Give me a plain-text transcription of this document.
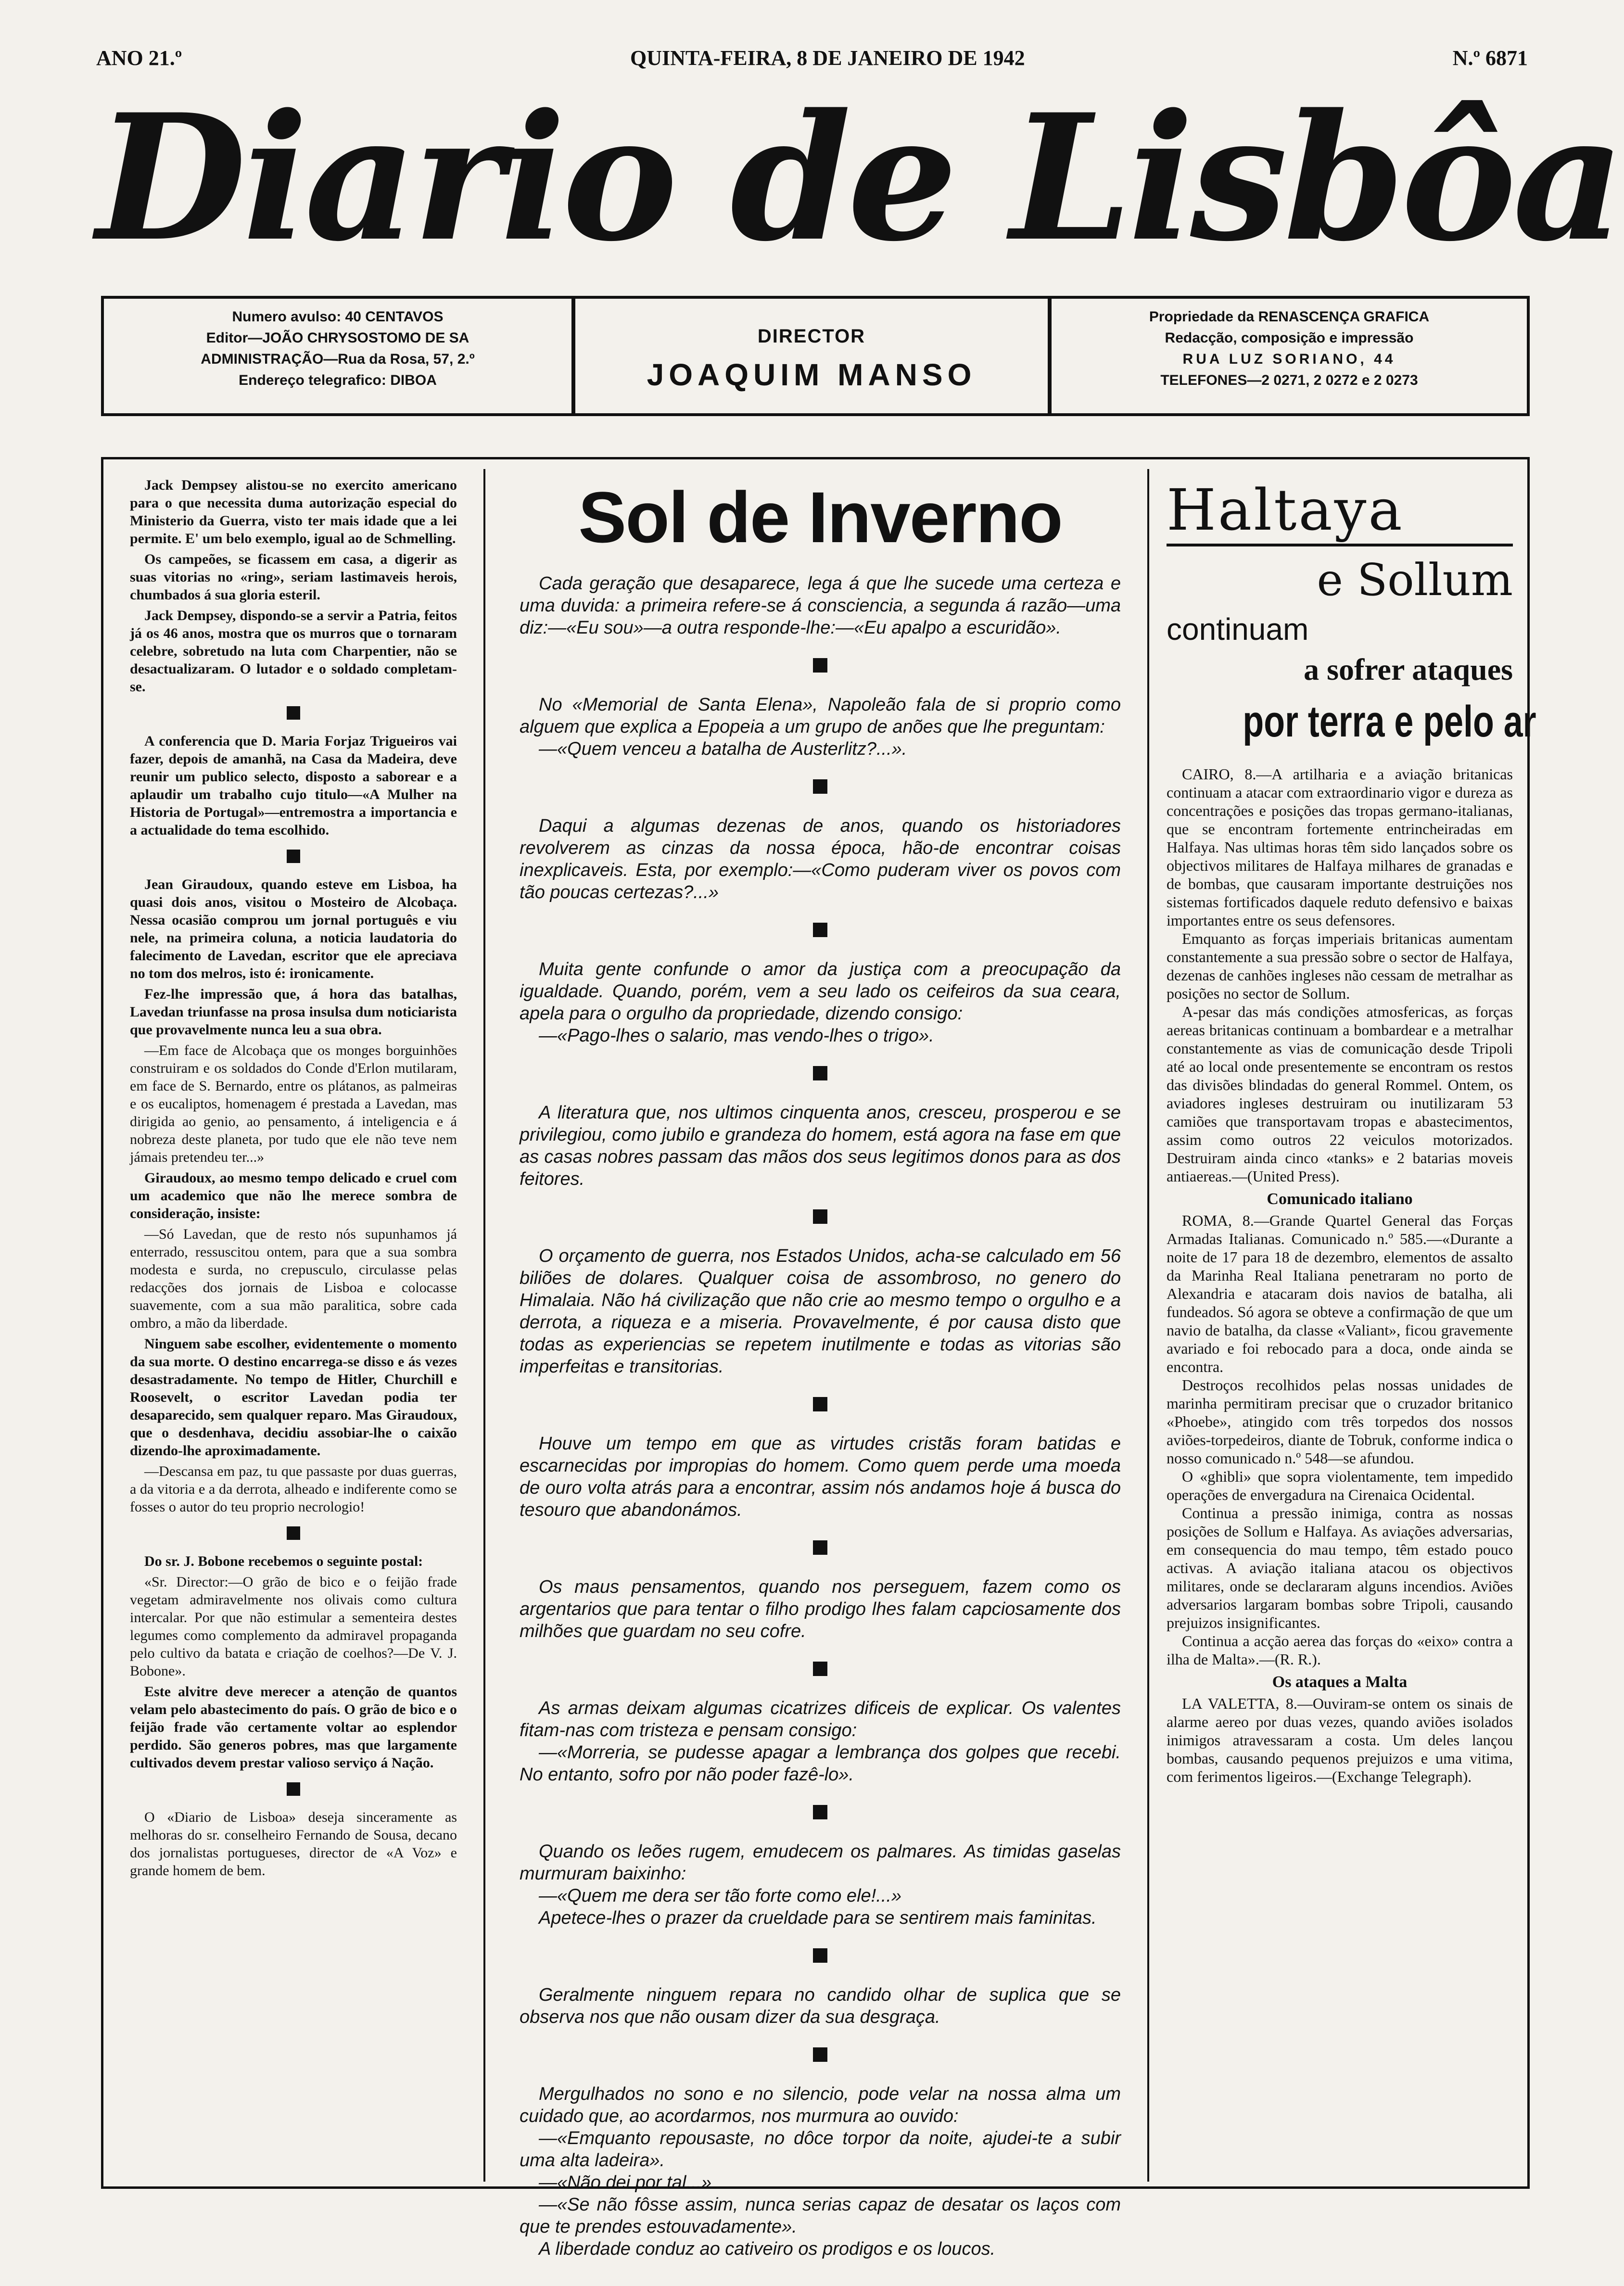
ANO 21.º	QUINTA-FEIRA, 8 DE JANEIRO DE 1942	N.º 6871
Diario de Lisbôa
Numero avulso: 40 CENTAVOS
Editor—JOÃO CHRYSOSTOMO DE SA
ADMINISTRAÇÃO—Rua da Rosa, 57, 2.º
Endereço telegrafico: DIBOA
DIRECTOR
JOAQUIM MANSO
Propriedade da RENASCENÇA GRAFICA
Redacção, composição e impressão
RUA LUZ SORIANO, 44
TELEFONES—2 0271, 2 0272 e 2 0273

Jack Dempsey alistou-se no exercito americano para o que necessita duma autorização especial do Ministerio da Guerra, visto ter mais idade que a lei permite. E' um belo exemplo, igual ao de Schmelling.

Os campeões, se ficassem em casa, a digerir as suas vitorias no «ring», seriam lastimaveis herois, chumbados á sua gloria esteril.

Jack Dempsey, dispondo-se a servir a Patria, feitos já os 46 anos, mostra que os murros que o tornaram celebre, sobretudo na luta com Charpentier, não se desactualizaram. O lutador e o soldado completam-se.

A conferencia que D. Maria Forjaz Trigueiros vai fazer, depois de amanhã, na Casa da Madeira, deve reunir um publico selecto, disposto a saborear e a aplaudir um trabalho cujo titulo—«A Mulher na Historia de Portugal»—entremostra a importancia e a actualidade do tema escolhido.

Jean Giraudoux, quando esteve em Lisboa, ha quasi dois anos, visitou o Mosteiro de Alcobaça. Nessa ocasião comprou um jornal português e viu nele, na primeira coluna, a noticia laudatoria do falecimento de Lavedan, escritor que ele apreciava no tom dos melros, isto é: ironicamente.

Fez-lhe impressão que, á hora das batalhas, Lavedan triunfasse na prosa insulsa dum noticiarista que provavelmente nunca leu a sua obra.

—Em face de Alcobaça que os monges borguinhões construiram e os soldados do Conde d'Erlon mutilaram, em face de S. Bernardo, entre os plátanos, as palmeiras e os eucaliptos, homenagem é prestada a Lavedan, mas dirigida ao genio, ao pensamento, á inteligencia e á nobreza deste planeta, por tudo que ele não teve nem jámais pretendeu ter...»

Giraudoux, ao mesmo tempo delicado e cruel com um academico que não lhe merece sombra de consideração, insiste:

—Só Lavedan, que de resto nós supunhamos já enterrado, ressuscitou ontem, para que a sua sombra modesta e surda, no crepusculo, circulasse pelas redacções dos jornais de Lisboa e colocasse suavemente, com a sua mão paralitica, sobre cada ombro, a mão da liberdade.

Ninguem sabe escolher, evidentemente o momento da sua morte. O destino encarrega-se disso e ás vezes desastradamente. No tempo de Hitler, Churchill e Roosevelt, o escritor Lavedan podia ter desaparecido, sem qualquer reparo. Mas Giraudoux, que o desdenhava, decidiu assobiar-lhe o caixão dizendo-lhe aproximadamente.

—Descansa em paz, tu que passaste por duas guerras, a da vitoria e a da derrota, alheado e indiferente como se fosses o autor do teu proprio necrologio!

Do sr. J. Bobone recebemos o seguinte postal:

«Sr. Director:—O grão de bico e o feijão frade vegetam admiravelmente nos olivais como cultura intercalar. Por que não estimular a sementeira destes legumes como complemento da admiravel propaganda pelo cultivo da batata e criação de coelhos?—De V. J. Bobone».

Este alvitre deve merecer a atenção de quantos velam pelo abastecimento do país. O grão de bico e o feijão frade vão certamente voltar ao esplendor perdido. São generos pobres, mas que largamente cultivados devem prestar valioso serviço á Nação.

O «Diario de Lisboa» deseja sinceramente as melhoras do sr. conselheiro Fernando de Sousa, decano dos jornalistas portugueses, director de «A Voz» e grande homem de bem.

Sol de Inverno

Cada geração que desaparece, lega á que lhe sucede uma certeza e uma duvida: a primeira refere-se á consciencia, a segunda á razão—uma diz:—«Eu sou»—a outra responde-lhe:—«Eu apalpo a escuridão».

No «Memorial de Santa Elena», Napoleão fala de si proprio como alguem que explica a Epopeia a um grupo de anões que lhe preguntam:

—«Quem venceu a batalha de Austerlitz?...».

Daqui a algumas dezenas de anos, quando os historiadores revolverem as cinzas da nossa época, hão-de encontrar coisas inexplicaveis. Esta, por exemplo:—«Como puderam viver os povos com tão poucas certezas?...»

Muita gente confunde o amor da justiça com a preocupação da igualdade. Quando, porém, vem a seu lado os ceifeiros da sua ceara, apela para o orgulho da propriedade, dizendo consigo:

—«Pago-lhes o salario, mas vendo-lhes o trigo».

A literatura que, nos ultimos cinquenta anos, cresceu, prosperou e se privilegiou, como jubilo e grandeza do homem, está agora na fase em que as casas nobres passam das mãos dos seus legitimos donos para as dos feitores.

O orçamento de guerra, nos Estados Unidos, acha-se calculado em 56 biliões de dolares. Qualquer coisa de assombroso, no genero do Himalaia. Não há civilização que não crie ao mesmo tempo o orgulho e a derrota, a riqueza e a miseria. Provavelmente, é por causa disto que todas as experiencias se repetem inutilmente e todas as vitorias são imperfeitas e transitorias.

Houve um tempo em que as virtudes cristãs foram batidas e escarnecidas por impropias do homem. Como quem perde uma moeda de ouro volta atrás para a encontrar, assim nós andamos hoje á busca do tesouro que abandonámos.

Os maus pensamentos, quando nos perseguem, fazem como os argentarios que para tentar o filho prodigo lhes falam capciosamente dos milhões que guardam no seu cofre.

As armas deixam algumas cicatrizes dificeis de explicar. Os valentes fitam-nas com tristeza e pensam consigo:

—«Morreria, se pudesse apagar a lembrança dos golpes que recebi. No entanto, sofro por não poder fazê-lo».

Quando os leões rugem, emudecem os palmares. As timidas gaselas murmuram baixinho:

—«Quem me dera ser tão forte como ele!...»

Apetece-lhes o prazer da crueldade para se sentirem mais faminitas.

Geralmente ninguem repara no candido olhar de suplica que se observa nos que não ousam dizer da sua desgraça.

Mergulhados no sono e no silencio, pode velar na nossa alma um cuidado que, ao acordarmos, nos murmura ao ouvido:

—«Emquanto repousaste, no dôce torpor da noite, ajudei-te a subir uma alta ladeira».

—«Não dei por tal...»

—«Se não fôsse assim, nunca serias capaz de desatar os laços com que te prendes estouvadamente».

A liberdade conduz ao cativeiro os prodigos e os loucos.

Haltaya
e Sollum
continuam
a sofrer ataques
por terra e pelo ar

CAIRO, 8.—A artilharia e a aviação britanicas continuam a atacar com extraordinario vigor e dureza as concentrações e posições das tropas germano-italianas, que se encontram fortemente entrincheiradas em Halfaya. Nas ultimas horas têm sido lançados sobre os objectivos militares de Halfaya milhares de granadas e de bombas, que causaram importante destruições nos sistemas fortificados daquele reduto defensivo e baixas importantes entre os seus defensores.

Emquanto as forças imperiais britanicas aumentam constantemente a sua pressão sobre o sector de Halfaya, dezenas de canhões ingleses não cessam de metralhar as posições no sector de Sollum.

A-pesar das más condições atmosfericas, as forças aereas britanicas continuam a bombardear e a metralhar constantemente as vias de comunicação desde Tripoli até ao local onde presentemente se encontram os restos das divisões blindadas do general Rommel. Ontem, os aviadores ingleses destruiram ou inutilizaram 53 camiões que transportavam tropas e abastecimentos, assim como outros 22 veiculos motorizados. Destruiram ainda cinco «tanks» e 2 batarias moveis antiaereas.—(United Press).

Comunicado italiano

ROMA, 8.—Grande Quartel General das Forças Armadas Italianas. Comunicado n.º 585.—«Durante a noite de 17 para 18 de dezembro, elementos de assalto da Marinha Real Italiana penetraram no porto de Alexandria e atacaram dois navios de batalha, ali fundeados. Só agora se obteve a confirmação de que um navio de batalha, da classe «Valiant», ficou gravemente avariado e foi rebocado para a doca, onde ainda se encontra.

Destroços recolhidos pelas nossas unidades de marinha permitiram precisar que o cruzador britanico «Phoebe», atingido com três torpedos dos nossos aviões-torpedeiros, diante de Tobruk, conforme indica o nosso comunicado n.º 548—se afundou.

O «ghibli» que sopra violentamente, tem impedido operações de envergadura na Cirenaica Ocidental.

Continua a pressão inimiga, contra as nossas posições de Sollum e Halfaya. As aviações adversarias, em consequencia do mau tempo, têm estado pouco activas. A aviação italiana atacou os objectivos militares, onde se declararam alguns incendios. Aviões adversarios largaram bombas sobre Tripoli, causando prejuizos insignificantes.

Continua a acção aerea das forças do «eixo» contra a ilha de Malta».—(R. R.).

Os ataques a Malta

LA VALETTA, 8.—Ouviram-se ontem os sinais de alarme aereo por duas vezes, quando aviões isolados inimigos atravessaram a costa. Um deles lançou bombas, causando pequenos prejuizos e uma vitima, com ferimentos ligeiros.—(Exchange Telegraph).
